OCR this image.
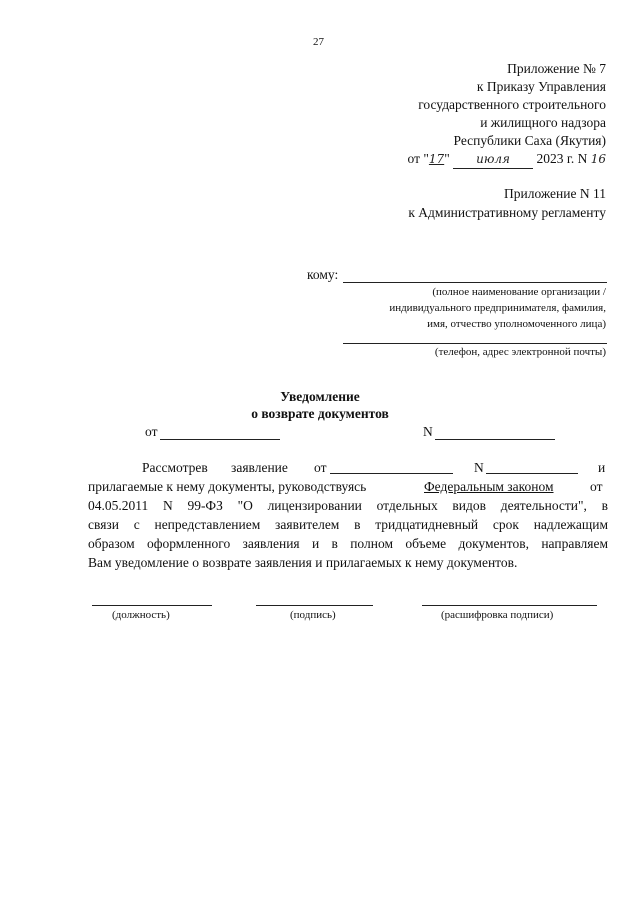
27
Приложение № 7
к Приказу Управления
государственного строительного
и жилищного надзора
Республики Саха (Якутия)
от "17" июля 2023 г. N 16
Приложение N 11
к Административному регламенту
кому:
(полное наименование организации /
индивидуального предпринимателя, фамилия,
имя, отчество уполномоченного лица)
(телефон, адрес электронной почты)
Уведомление
о возврате документов
от	N
Рассмотрев заявление от	N	и
прилагаемые к нему документы, руководствуясь	Федеральным законом	от
04.05.2011 N 99-ФЗ "О лицензировании отдельных видов деятельности", в
связи с непредставлением заявителем в тридцатидневный срок надлежащим
образом оформленного заявления и в полном объеме документов, направляем
Вам уведомление о возврате заявления и прилагаемых к нему документов.
(должность)	(подпись)	(расшифровка подписи)
